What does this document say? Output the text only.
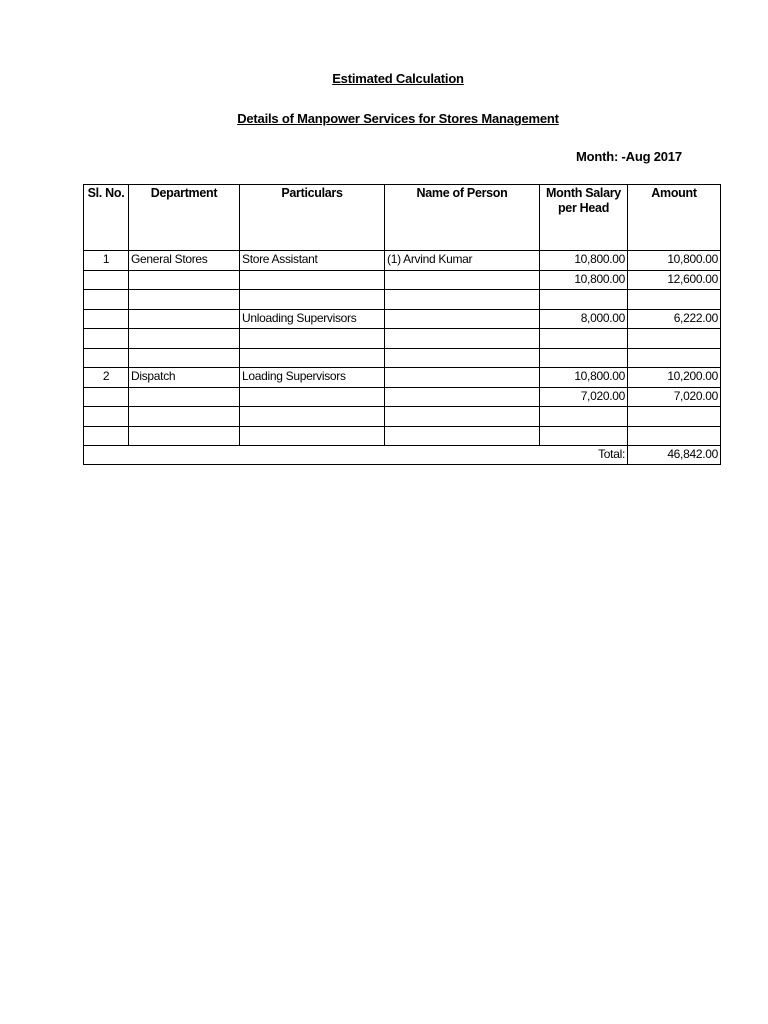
Estimated Calculation
Details of Manpower Services for Stores Management
Month: -Aug 2017
Sl. No.	Department	Particulars	Name of Person	Month Salary per Head	Amount
1	General Stores	Store Assistant	(1) Arvind Kumar	10,800.00	10,800.00
				10,800.00	12,600.00

		Unloading Supervisors		8,000.00	6,222.00

2	Dispatch	Loading Supervisors		10,800.00	10,200.00
				7,020.00	7,020.00

Total:					46,842.00
